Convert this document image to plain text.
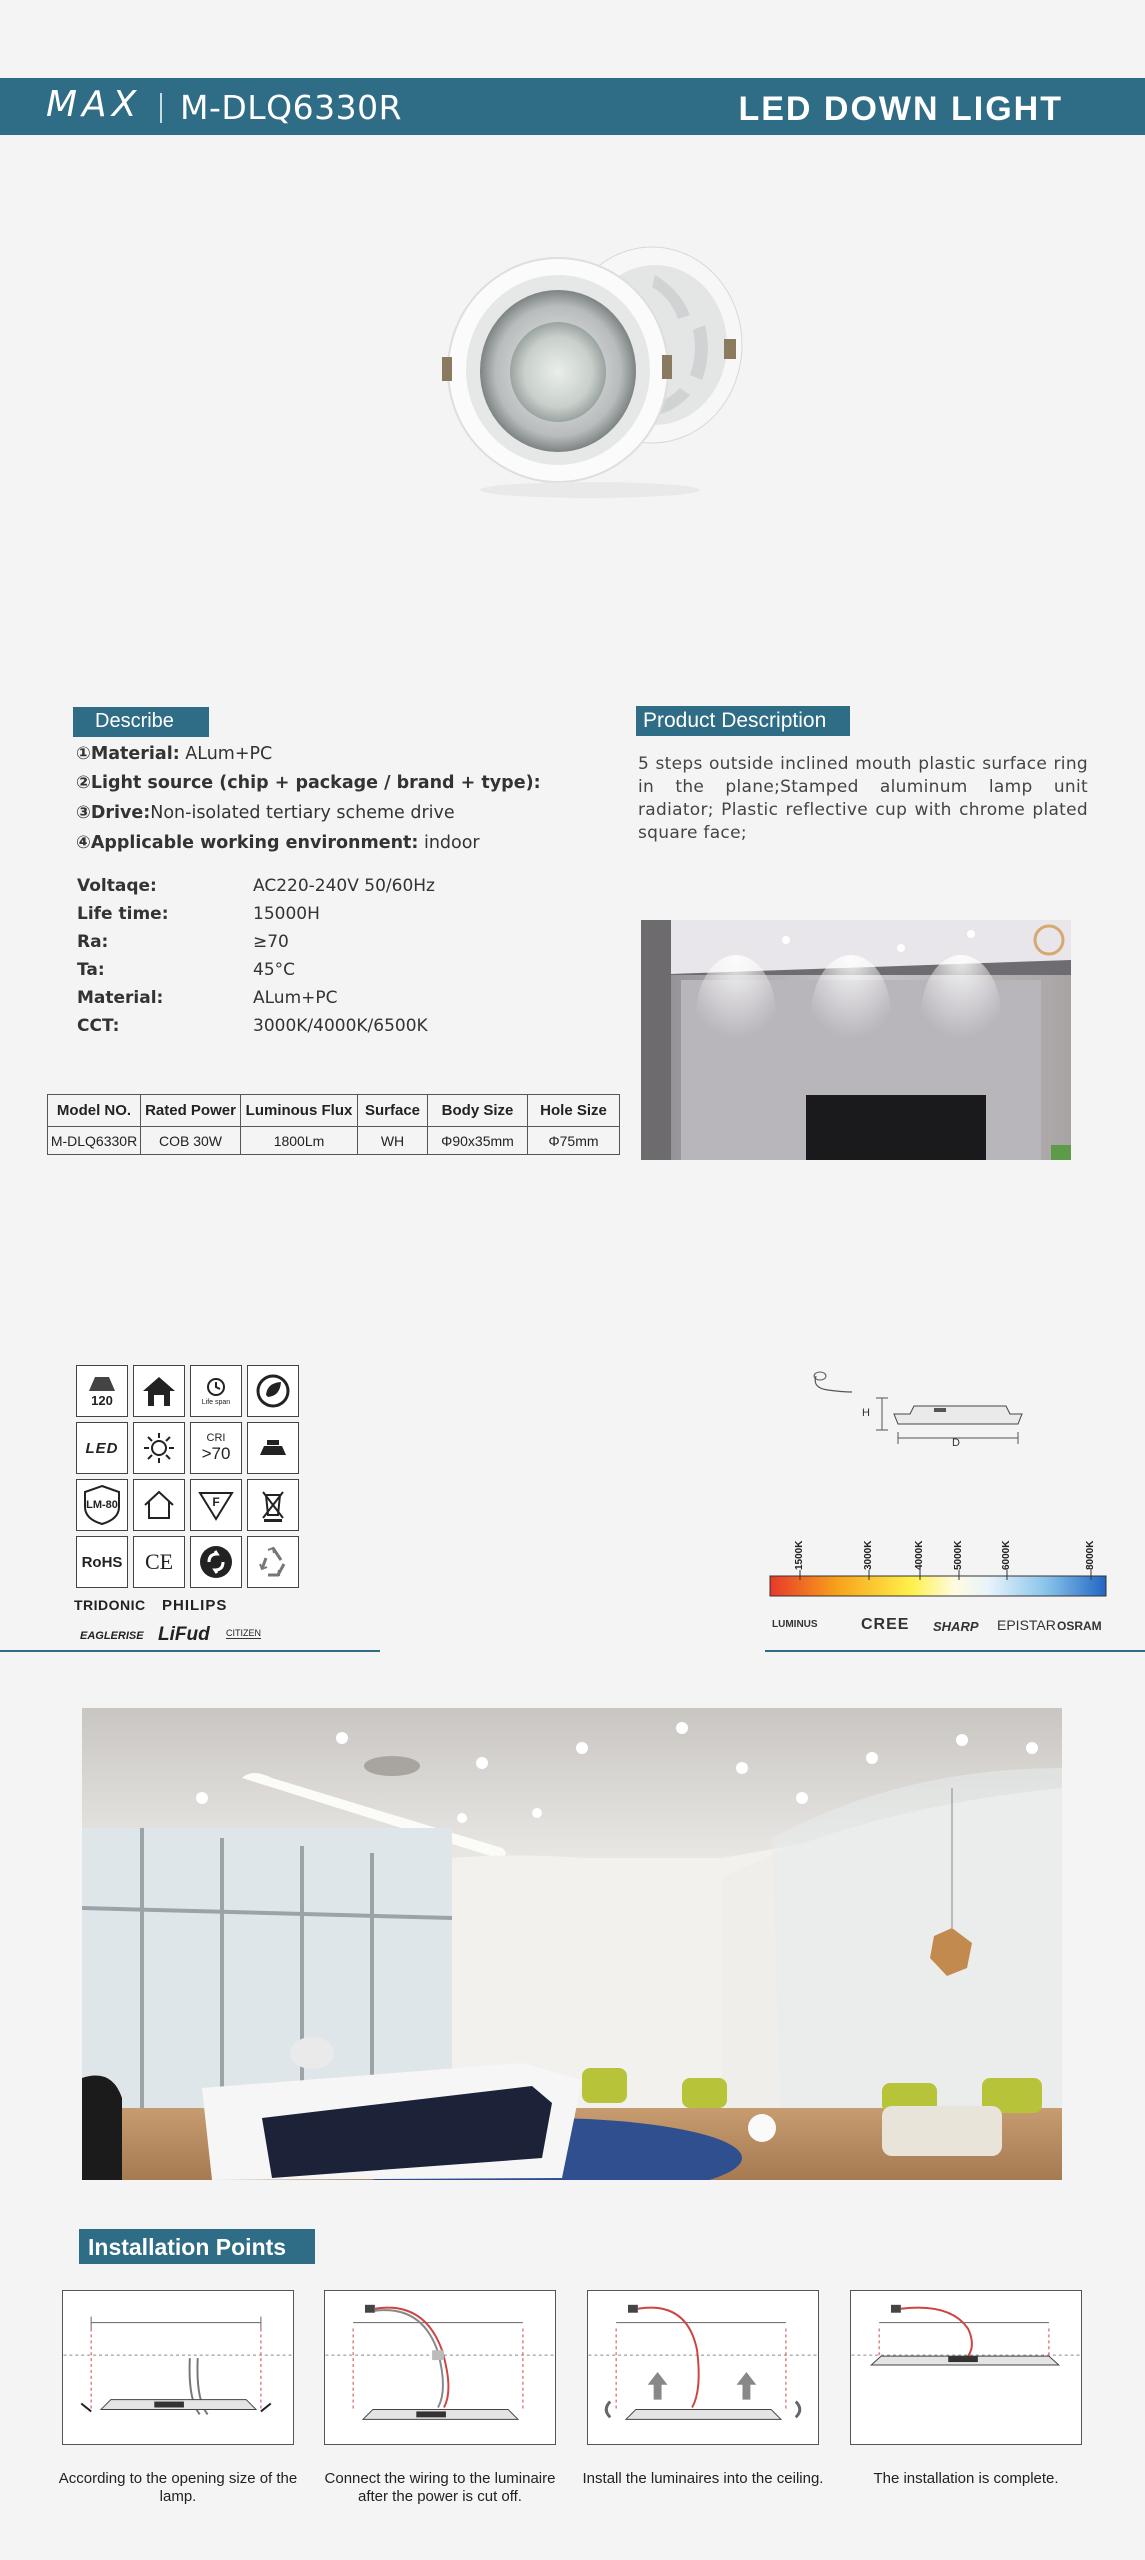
MAX M-DLQ6330R	LED DOWN LIGHT
Describe
①Material: ALum+PC
②Light source (chip + package / brand + type):
③Drive:Non-isolated tertiary scheme drive
④Applicable working environment: indoor
Voltaqe:	AC220-240V 50/60Hz
Life time:	15000H
Ra:	≥70
Ta:	45°C
Material:	ALum+PC
CCT:	3000K/4000K/6500K
Product Description
5 steps outside inclined mouth plastic surface ring in the plane;Stamped aluminum lamp unit radiator; Plastic reflective cup with chrome plated square face;
Model NO.	Rated Power	Luminous Flux	Surface	Body Size	Hole Size
M-DLQ6330R	COB 30W	1800Lm	WH	Φ90x35mm	Φ75mm
120	Life span
LED
CRI
>70
LM-80	F
RoHS CE
TRIDONIC PHILIPS
EAGLERISE LiFud CITIZEN
H
D
1500K	3000K	4000K	5000K	6000K	8000K
LUMINUS	CREE SHARP EPISTAR OSRAM
Installation Points
According to the opening size of the lamp.
Connect the wiring to the luminaire after the power is cut off.
Install the luminaires into the ceiling.	The installation is complete.
